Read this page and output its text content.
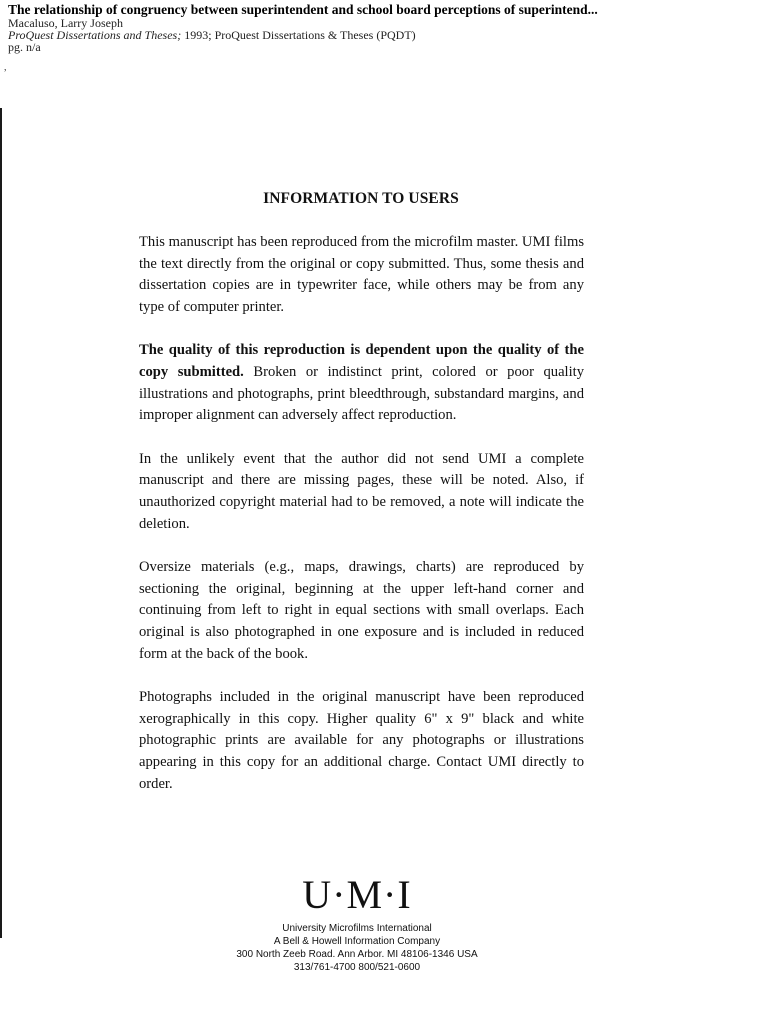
The relationship of congruency between superintendent and school board perceptions of superintend...
Macaluso, Larry Joseph
ProQuest Dissertations and Theses; 1993; ProQuest Dissertations & Theses (PQDT)
pg. n/a
,
INFORMATION TO USERS

This manuscript has been reproduced from the microfilm master. UMI films the text directly from the original or copy submitted. Thus, some thesis and dissertation copies are in typewriter face, while others may be from any type of computer printer.

The quality of this reproduction is dependent upon the quality of the copy submitted. Broken or indistinct print, colored or poor quality illustrations and photographs, print bleedthrough, substandard margins, and improper alignment can adversely affect reproduction.

In the unlikely event that the author did not send UMI a complete manuscript and there are missing pages, these will be noted. Also, if unauthorized copyright material had to be removed, a note will indicate the deletion.

Oversize materials (e.g., maps, drawings, charts) are reproduced by sectioning the original, beginning at the upper left-hand corner and continuing from left to right in equal sections with small overlaps. Each original is also photographed in one exposure and is included in reduced form at the back of the book.

Photographs included in the original manuscript have been reproduced xerographically in this copy. Higher quality 6" x 9" black and white photographic prints are available for any photographs or illustrations appearing in this copy for an additional charge. Contact UMI directly to order.

U·M·I
University Microfilms International
A Bell & Howell Information Company
300 North Zeeb Road. Ann Arbor. MI 48106-1346 USA
313/761-4700 800/521-0600
